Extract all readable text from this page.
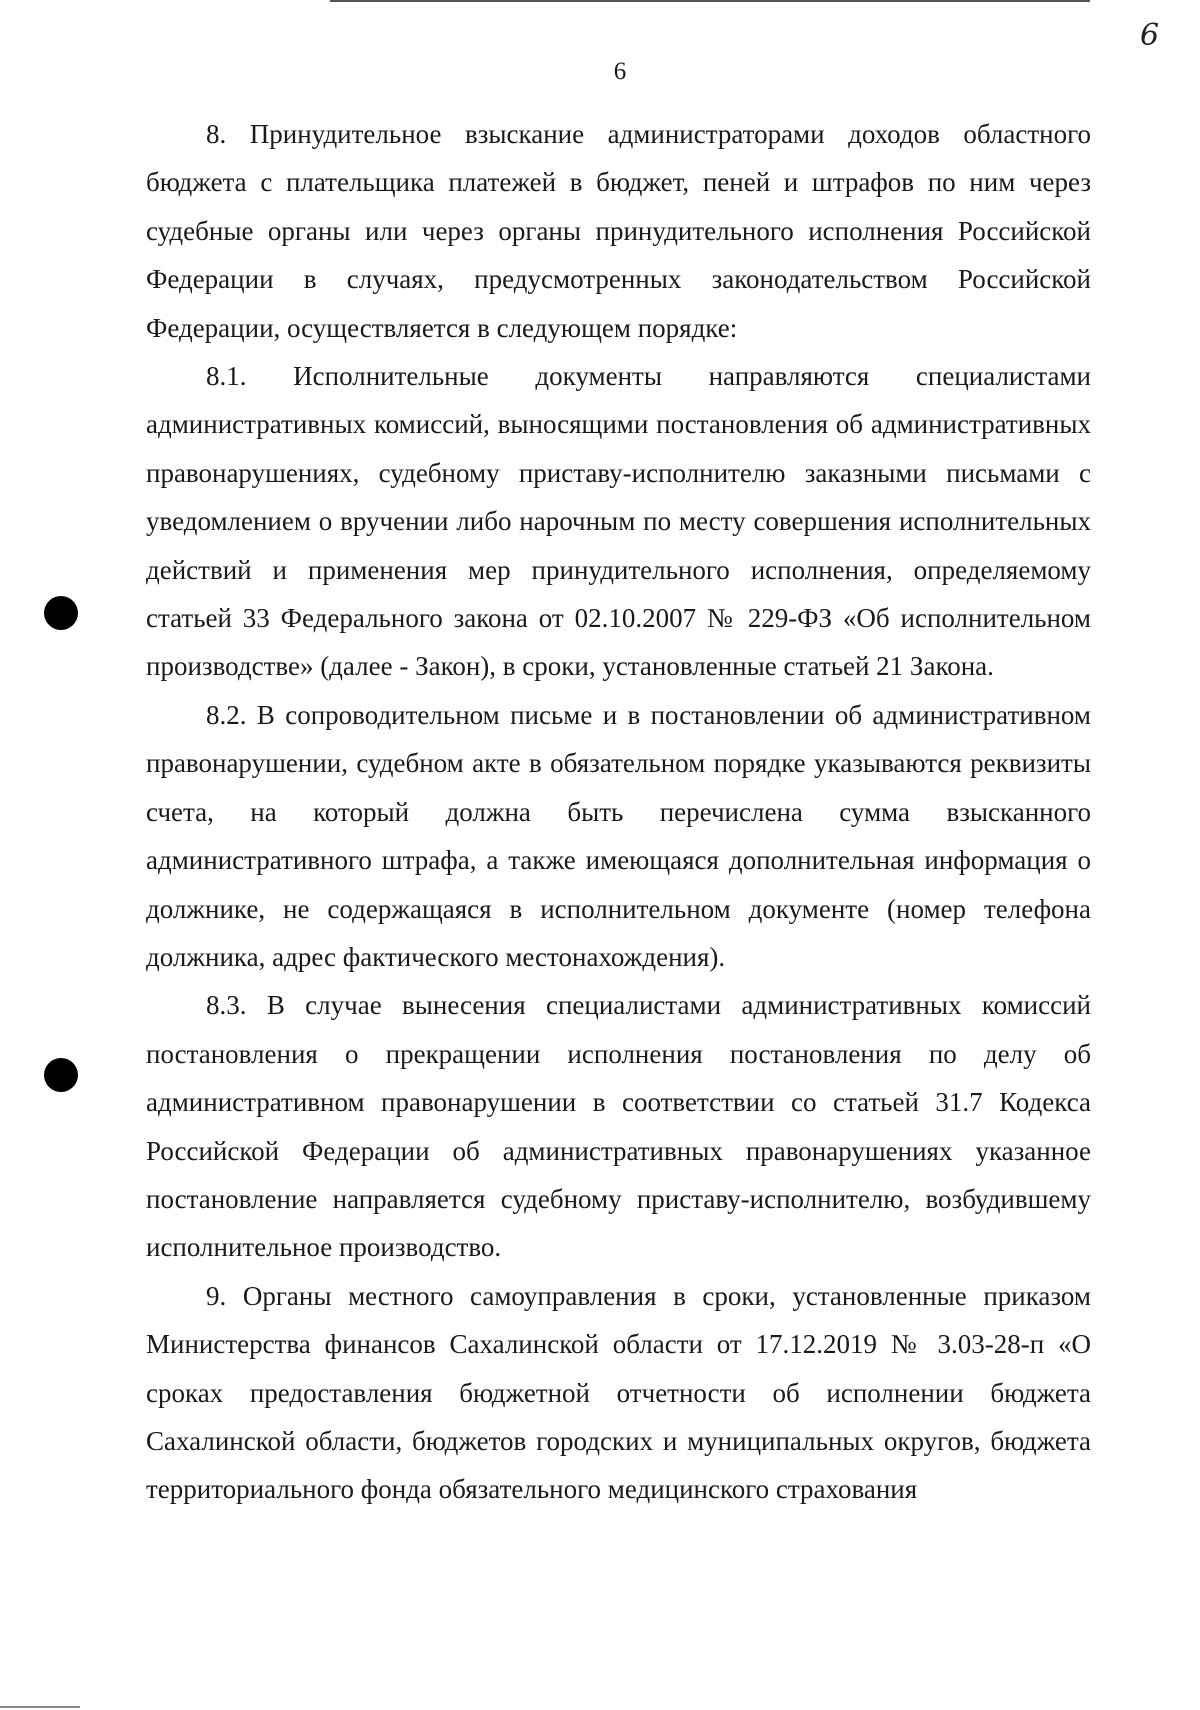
6
6

8. Принудительное взыскание администраторами доходов областного бюджета с плательщика платежей в бюджет, пеней и штрафов по ним через судебные органы или через органы принудительного исполнения Российской Федерации в случаях, предусмотренных законодательством Российской Федерации, осуществляется в следующем порядке:

8.1. Исполнительные документы направляются специалистами административных комиссий, выносящими постановления об административных правонарушениях, судебному приставу-исполнителю заказными письмами с уведомлением о вручении либо нарочным по месту совершения исполнительных действий и применения мер принудительного исполнения, определяемому статьей 33 Федерального закона от 02.10.2007 № 229-ФЗ «Об исполнительном производстве» (далее - Закон), в сроки, установленные статьей 21 Закона.

8.2. В сопроводительном письме и в постановлении об административном правонарушении, судебном акте в обязательном порядке указываются реквизиты счета, на который должна быть перечислена сумма взысканного административного штрафа, а также имеющаяся дополнительная информация о должнике, не содержащаяся в исполнительном документе (номер телефона должника, адрес фактического местонахождения).

8.3. В случае вынесения специалистами административных комиссий постановления о прекращении исполнения постановления по делу об административном правонарушении в соответствии со статьей 31.7 Кодекса Российской Федерации об административных правонарушениях указанное постановление направляется судебному приставу-исполнителю, возбудившему исполнительное производство.

9. Органы местного самоуправления в сроки, установленные приказом Министерства финансов Сахалинской области от 17.12.2019 № 3.03-28-п «О сроках предоставления бюджетной отчетности об исполнении бюджета Сахалинской области, бюджетов городских и муниципальных округов, бюджета территориального фонда обязательного медицинского страхования
